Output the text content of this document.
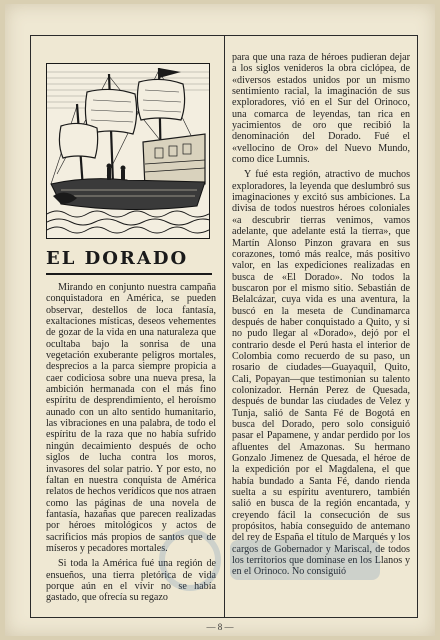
EL DORADO

Mirando en conjunto nuestra campaña conquistadora en América, se pueden observar, destellos de loca fantasía, exaltaciones místicas, deseos vehementes de gozar de la vida en una naturaleza que ocultaba bajo la sonrisa de una vegetación exuberante peligros mortales, desprecios a la parca siempre propicia a caer codiciosa sobre una nueva presa, la ambición hermanada con el más fino espíritu de desprendimiento, el heroísmo aunado con un alto sentido humanitario, las vibraciones en una palabra, de todo el espíritu de la raza que no había sufrido ningún decaimiento después de ocho siglos de lucha contra los moros, invasores del solar patrio. Y por esto, no faltan en nuestra conquista de América relatos de hechos verídicos que nos atraen como las páginas de una novela de fantasía, hazañas que parecen realizadas por héroes mitológicos y actos de sacrificios más propios de santos que de míseros y pecadores mortales.

Si toda la América fué una región de ensueños, una tierra pletórica de vida porque aún en el vivir no se había gastado, que ofrecía su regazo

para que una raza de héroes pudieran dejar a los siglos venideros la obra ciclópea, de «diversos estados unidos por un mismo sentimiento racial, la imaginación de sus exploradores, vió en el Sur del Orinoco, una comarca de leyendas, tan rica en yacimientos de oro que recibió la denominación del Dorado. Fué el «vellocino de Oro» del Nuevo Mundo, como dice Lumnis.

Y fué esta región, atractivo de muchos exploradores, la leyenda que deslumbró sus imaginaciones y excitó sus ambiciones. La divisa de todos nuestros héroes coloniales «a descubrir tierras venimos, vamos adelante, que adelante está la tierra», que Martín Alonso Pinzon gravara en sus corazones, tomó más realce, más positivo valor, en las expediciones realizadas en busca de «El Dorado». No todos la buscaron por el mismo sitio. Sebastián de Belalcázar, cuya vida es una aventura, la buscó en la meseta de Cundinamarca después de haber conquistado a Quito, y si no pudo llegar al «Dorado», dejó por el contrario desde el Perú hasta el interior de Colombia como recuerdo de su paso, un rosario de ciudades—Guayaquil, Quito, Cali, Popayan—que testimonian su talento colonizador. Hernán Perez de Quesada, después de bundar las ciudades de Velez y Tunja, salió de Santa Fé de Bogotá en busca del Dorado, pero solo consiguió pasar el Papamene, y andar perdido por los afluentes del Amazonas. Su hermano Gonzalo Jimenez de Quesada, el héroe de la expedición por el Magdalena, el que había bundado a Santa Fé, dando rienda suelta a su espíritu aventurero, también salió en busca de la región encantada, y creyendo fácil la consecución de sus propósitos, había conseguido de antemano del rey de España el título de Marqués y los cargos de Gobernador y Mariscal, de todos los territorios que dominase en los Llanos y en el Orinoco. No consiguió

— 8 —
